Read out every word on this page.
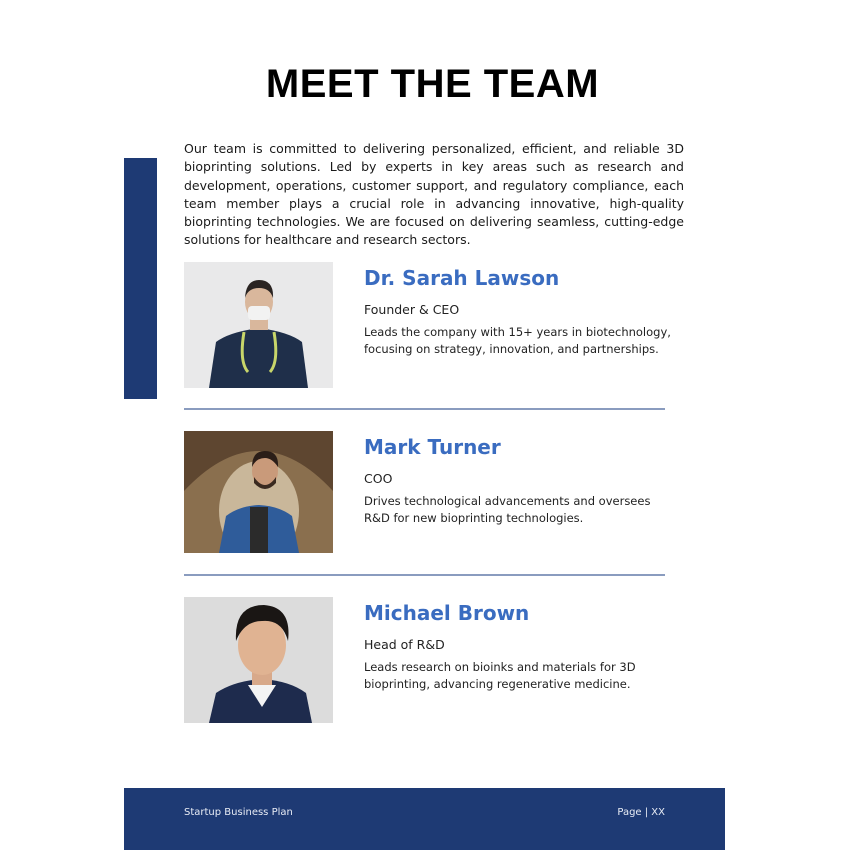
MEET THE TEAM

Our team is committed to delivering personalized, efficient, and reliable 3D bioprinting solutions. Led by experts in key areas such as research and development, operations, customer support, and regulatory compliance, each team member plays a crucial role in advancing innovative, high-quality bioprinting technologies. We are focused on delivering seamless, cutting-edge solutions for healthcare and research sectors.

Dr. Sarah Lawson
Founder & CEO
Leads the company with 15+ years in biotechnology, focusing on strategy, innovation, and partnerships.
Mark Turner
COO
Drives technological advancements and oversees R&D for new bioprinting technologies.
Michael Brown
Head of R&D
Leads research on bioinks and materials for 3D bioprinting, advancing regenerative medicine.
Startup Business Plan	Page | XX
